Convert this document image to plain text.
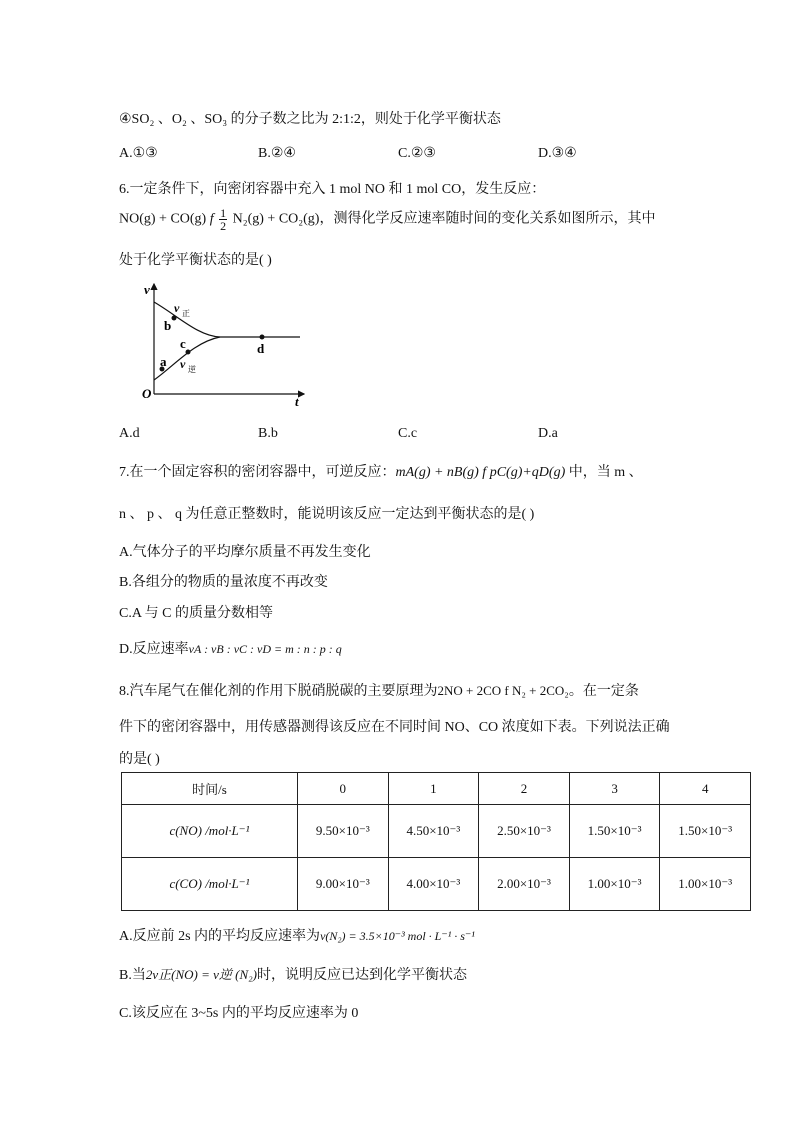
④SO₂ 、O₂ 、SO₃ 的分子数之比为 2:1:2，则处于化学平衡状态
A.①③	B.②④	C.②③	D.③④
6.一定条件下，向密闭容器中充入 1 mol NO 和 1 mol CO，发生反应：
NO(g) + CO(g) f $\frac{1}{2} N_2(g) + CO_2(g)$，测得化学反应速率随时间的变化关系如图所示，其中
处于化学平衡状态的是( )
v
t
O
v 正
v 逆
a
b
c	d
A.d	B.b	C.c	D.a
7.在一个固定容积的密闭容器中，可逆反应：mA(g) + nB(g) f pC(g)+qD(g) 中，当 m 、
n 、 p 、 q 为任意正整数时，能说明该反应一定达到平衡状态的是( )
A.气体分子的平均摩尔质量不再发生变化
B.各组分的物质的量浓度不再改变
C.A 与 C 的质量分数相等
D.反应速率vA : vB : vC : vD = m : n : p : q
8.汽车尾气在催化剂的作用下脱硝脱碳的主要原理为2NO + 2CO f N₂ + 2CO₂。在一定条
件下的密闭容器中，用传感器测得该反应在不同时间 NO、CO 浓度如下表。下列说法正确
的是( )
时间/s	0	1	2	3	4
c(NO) /mol·L⁻¹	9.50×10⁻³	4.50×10⁻³	2.50×10⁻³	1.50×10⁻³	1.50×10⁻³
c(CO) /mol·L⁻¹	9.00×10⁻³	4.00×10⁻³	2.00×10⁻³	1.00×10⁻³	1.00×10⁻³
A.反应前 2s 内的平均反应速率为v(N₂) = 3.5×10⁻³ mol · L⁻¹ · s⁻¹
B.当2v正(NO) = v逆 (N₂)时，说明反应已达到化学平衡状态
C.该反应在 3~5s 内的平均反应速率为 0
